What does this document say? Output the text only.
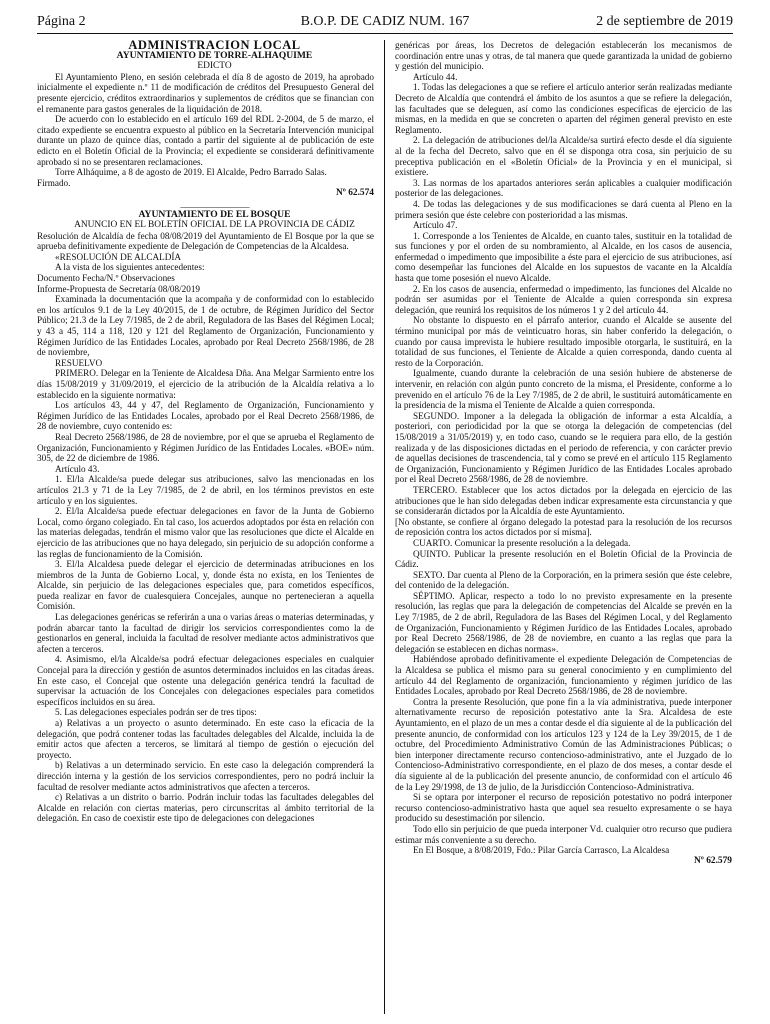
Página 2	B.O.P. DE CADIZ NUM. 167	2 de septiembre de 2019

ADMINISTRACION LOCAL

AYUNTAMIENTO DE TORRE-ALHAQUIME

EDICTO

El Ayuntamiento Pleno, en sesión celebrada el día 8 de agosto de 2019, ha aprobado inicialmente el expediente n.º 11 de modificación de créditos del Presupuesto General del presente ejercicio, créditos extraordinarios y suplementos de créditos que se financian con el remanente para gastos generales de la liquidación de 2018.

De acuerdo con lo establecido en el artículo 169 del RDL 2-2004, de 5 de marzo, el citado expediente se encuentra expuesto al público en la Secretaría Intervención municipal durante un plazo de quince días, contado a partir del siguiente al de publicación de este edicto en el Boletín Oficial de la Provincia; el expediente se considerará definitivamente aprobado si no se presentaren reclamaciones.

Torre Alháquime, a 8 de agosto de 2019. El Alcalde, Pedro Barrado Salas.

Firmado.

Nº 62.574

___________________

AYUNTAMIENTO DE EL BOSQUE

ANUNCIO EN EL BOLETÍN OFICIAL DE LA PROVINCIA DE CÁDIZ

Resolución de Alcaldía de fecha 08/08/2019 del Ayuntamiento de El Bosque por la que se aprueba definitivamente expediente de Delegación de Competencias de la Alcaldesa.

«RESOLUCIÓN DE ALCALDÍA

A la vista de los siguientes antecedentes:

Documento Fecha/N.º Observaciones

Informe-Propuesta de Secretaría 08/08/2019

Examinada la documentación que la acompaña y de conformidad con lo establecido en los artículos 9.1 de la Ley 40/2015, de 1 de octubre, de Régimen Jurídico del Sector Público; 21.3 de la Ley 7/1985, de 2 de abril, Reguladora de las Bases del Régimen Local; y 43 a 45, 114 a 118, 120 y 121 del Reglamento de Organización, Funcionamiento y Régimen Jurídico de las Entidades Locales, aprobado por Real Decreto 2568/1986, de 28 de noviembre,

RESUELVO

PRIMERO. Delegar en la Teniente de Alcaldesa Dña. Ana Melgar Sarmiento entre los días 15/08/2019 y 31/09/2019, el ejercicio de la atribución de la Alcaldía relativa a lo establecido en la siguiente normativa:

Los artículos 43, 44 y 47, del Reglamento de Organización, Funcionamiento y Régimen Jurídico de las Entidades Locales, aprobado por el Real Decreto 2568/1986, de 28 de noviembre, cuyo contenido es:

Real Decreto 2568/1986, de 28 de noviembre, por el que se aprueba el Reglamento de Organización, Funcionamiento y Régimen Jurídico de las Entidades Locales. «BOE» núm. 305, de 22 de diciembre de 1986.

Artículo 43.

1. El/la Alcalde/sa puede delegar sus atribuciones, salvo las mencionadas en los artículos 21.3 y 71 de la Ley 7/1985, de 2 de abril, en los términos previstos en este artículo y en los siguientes.

2. El/la Alcalde/sa puede efectuar delegaciones en favor de la Junta de Gobierno Local, como órgano colegiado. En tal caso, los acuerdos adoptados por ésta en relación con las materias delegadas, tendrán el mismo valor que las resoluciones que dicte el Alcalde en ejercicio de las atribuciones que no haya delegado, sin perjuicio de su adopción conforme a las reglas de funcionamiento de la Comisión.

3. El/la Alcaldesa puede delegar el ejercicio de determinadas atribuciones en los miembros de la Junta de Gobierno Local, y, donde ésta no exista, en los Tenientes de Alcalde, sin perjuicio de las delegaciones especiales que, para cometidos específicos, pueda realizar en favor de cualesquiera Concejales, aunque no pertenecieran a aquella Comisión.

Las delegaciones genéricas se referirán a una o varias áreas o materias determinadas, y podrán abarcar tanto la facultad de dirigir los servicios correspondientes como la de gestionarlos en general, incluida la facultad de resolver mediante actos administrativos que afecten a terceros.

4. Asimismo, el/la Alcalde/sa podrá efectuar delegaciones especiales en cualquier Concejal para la dirección y gestión de asuntos determinados incluidos en las citadas áreas. En este caso, el Concejal que ostente una delegación genérica tendrá la facultad de supervisar la actuación de los Concejales con delegaciones especiales para cometidos específicos incluidos en su área.

5. Las delegaciones especiales podrán ser de tres tipos:

a) Relativas a un proyecto o asunto determinado. En este caso la eficacia de la delegación, que podrá contener todas las facultades delegables del Alcalde, incluida la de emitir actos que afecten a terceros, se limitará al tiempo de gestión o ejecución del proyecto.

b) Relativas a un determinado servicio. En este caso la delegación comprenderá la dirección interna y la gestión de los servicios correspondientes, pero no podrá incluir la facultad de resolver mediante actos administrativos que afecten a terceros.

c) Relativas a un distrito o barrio. Podrán incluir todas las facultades delegables del Alcalde en relación con ciertas materias, pero circunscritas al ámbito territorial de la delegación. En caso de coexistir este tipo de delegaciones con delegaciones

genéricas por áreas, los Decretos de delegación establecerán los mecanismos de coordinación entre unas y otras, de tal manera que quede garantizada la unidad de gobierno y gestión del municipio.

Artículo 44.

1. Todas las delegaciones a que se refiere el artículo anterior serán realizadas mediante Decreto de Alcaldía que contendrá el ámbito de los asuntos a que se refiere la delegación, las facultades que se deleguen, así como las condiciones específicas de ejercicio de las mismas, en la medida en que se concreten o aparten del régimen general previsto en este Reglamento.

2. La delegación de atribuciones del/la Alcalde/sa surtirá efecto desde el día siguiente al de la fecha del Decreto, salvo que en él se disponga otra cosa, sin perjuicio de su preceptiva publicación en el «Boletín Oficial» de la Provincia y en el municipal, si existiere.

3. Las normas de los apartados anteriores serán aplicables a cualquier modificación posterior de las delegaciones.

4. De todas las delegaciones y de sus modificaciones se dará cuenta al Pleno en la primera sesión que éste celebre con posterioridad a las mismas.

Artículo 47.

1. Corresponde a los Tenientes de Alcalde, en cuanto tales, sustituir en la totalidad de sus funciones y por el orden de su nombramiento, al Alcalde, en los casos de ausencia, enfermedad o impedimento que imposibilite a éste para el ejercicio de sus atribuciones, así como desempeñar las funciones del Alcalde en los supuestos de vacante en la Alcaldía hasta que tome posesión el nuevo Alcalde.

2. En los casos de ausencia, enfermedad o impedimento, las funciones del Alcalde no podrán ser asumidas por el Teniente de Alcalde a quien corresponda sin expresa delegación, que reunirá los requisitos de los números 1 y 2 del artículo 44.

No obstante lo dispuesto en el párrafo anterior, cuando el Alcalde se ausente del término municipal por más de veinticuatro horas, sin haber conferido la delegación, o cuando por causa imprevista le hubiere resultado imposible otorgarla, le sustituirá, en la totalidad de sus funciones, el Teniente de Alcalde a quien corresponda, dando cuenta al resto de la Corporación.

Igualmente, cuando durante la celebración de una sesión hubiere de abstenerse de intervenir, en relación con algún punto concreto de la misma, el Presidente, conforme a lo prevenido en el artículo 76 de la Ley 7/1985, de 2 de abril, le sustituirá automáticamente en la presidencia de la misma el Teniente de Alcalde a quien corresponda.

SEGUNDO. Imponer a la delegada la obligación de informar a esta Alcaldía, a posteriori, con periodicidad por la que se otorga la delegación de competencias (del 15/08/2019 a 31/05/2019) y, en todo caso, cuando se le requiera para ello, de la gestión realizada y de las disposiciones dictadas en el periodo de referencia, y con carácter previo de aquellas decisiones de trascendencia, tal y como se prevé en el artículo 115 Reglamento de Organización, Funcionamiento y Régimen Jurídico de las Entidades Locales aprobado por el Real Decreto 2568/1986, de 28 de noviembre.

TERCERO. Establecer que los actos dictados por la delegada en ejercicio de las atribuciones que le han sido delegadas deben indicar expresamente esta circunstancia y que se considerarán dictados por la Alcaldía de este Ayuntamiento.

[No obstante, se confiere al órgano delegado la potestad para la resolución de los recursos de reposición contra los actos dictados por sí misma].

CUARTO. Comunicar la presente resolución a la delegada.

QUINTO. Publicar la presente resolución en el Boletín Oficial de la Provincia de Cádiz.

SEXTO. Dar cuenta al Pleno de la Corporación, en la primera sesión que éste celebre, del contenido de la delegación.

SÉPTIMO. Aplicar, respecto a todo lo no previsto expresamente en la presente resolución, las reglas que para la delegación de competencias del Alcalde se prevén en la Ley 7/1985, de 2 de abril, Reguladora de las Bases del Régimen Local, y del Reglamento de Organización, Funcionamiento y Régimen Jurídico de las Entidades Locales, aprobado por Real Decreto 2568/1986, de 28 de noviembre, en cuanto a las reglas que para la delegación se establecen en dichas normas».

Habiéndose aprobado definitivamente el expediente Delegación de Competencias de la Alcaldesa se publica el mismo para su general conocimiento y en cumplimiento del artículo 44 del Reglamento de organización, funcionamiento y régimen jurídico de las Entidades Locales, aprobado por Real Decreto 2568/1986, de 28 de noviembre.

Contra la presente Resolución, que pone fin a la vía administrativa, puede interponer alternativamente recurso de reposición potestativo ante la Sra. Alcaldesa de este Ayuntamiento, en el plazo de un mes a contar desde el día siguiente al de la publicación del presente anuncio, de conformidad con los artículos 123 y 124 de la Ley 39/2015, de 1 de octubre, del Procedimiento Administrativo Común de las Administraciones Públicas; o bien interponer directamente recurso contencioso-administrativo, ante el Juzgado de lo Contencioso-Administrativo correspondiente, en el plazo de dos meses, a contar desde el día siguiente al de la publicación del presente anuncio, de conformidad con el artículo 46 de la Ley 29/1998, de 13 de julio, de la Jurisdicción Contencioso-Administrativa.

Si se optara por interponer el recurso de reposición potestativo no podrá interponer recurso contencioso-administrativo hasta que aquel sea resuelto expresamente o se haya producido su desestimación por silencio.

Todo ello sin perjuicio de que pueda interponer Vd. cualquier otro recurso que pudiera estimar más conveniente a su derecho.

En El Bosque, a 8/08/2019, Fdo.: Pilar García Carrasco, La Alcaldesa

Nº 62.579
